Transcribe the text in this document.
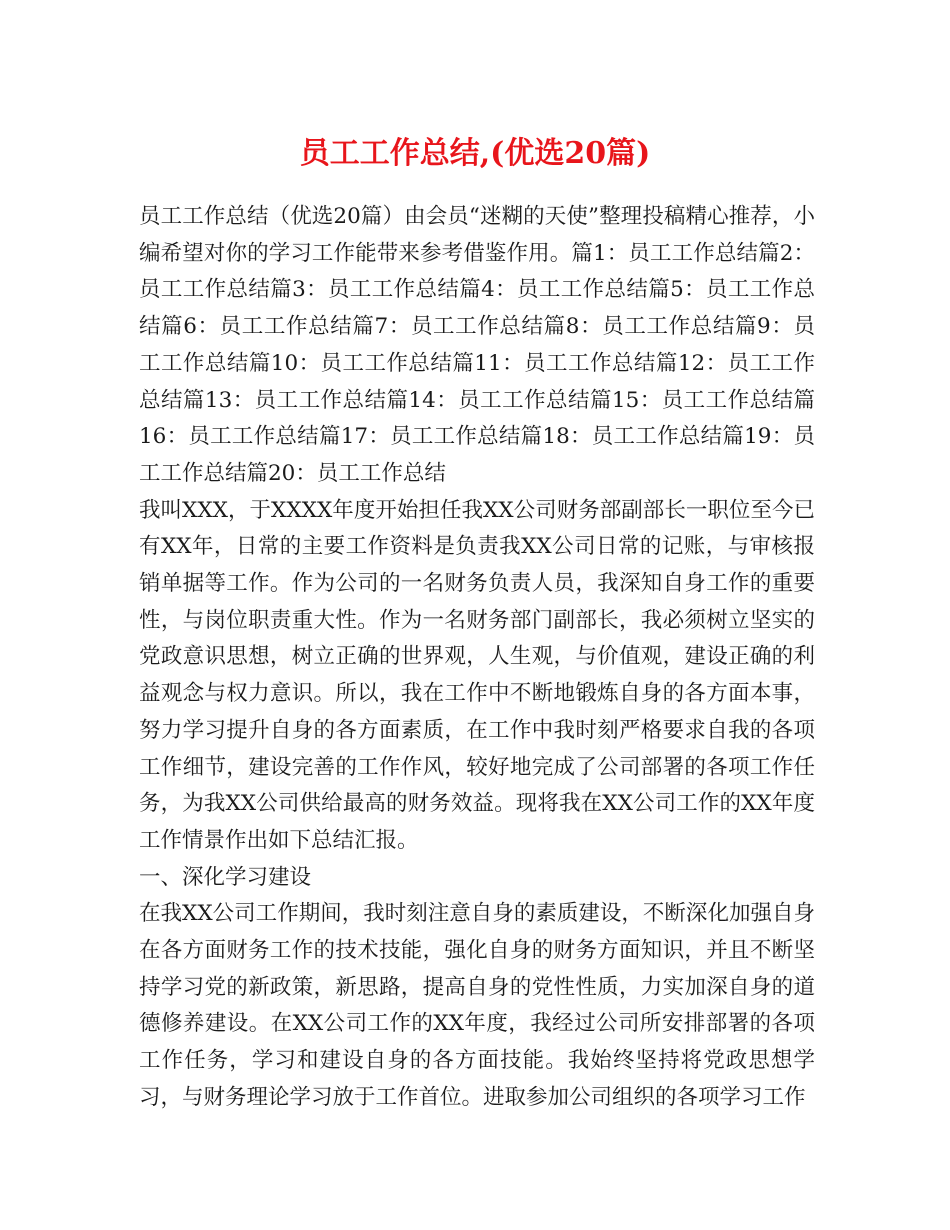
员工工作总结,(优选20篇)

员工工作总结（优选20篇）由会员“迷糊的天使”整理投稿精心推荐，小编希望对你的学习工作能带来参考借鉴作用。篇1：员工工作总结篇2：员工工作总结篇3：员工工作总结篇4：员工工作总结篇5：员工工作总结篇6：员工工作总结篇7：员工工作总结篇8：员工工作总结篇9：员工工作总结篇10：员工工作总结篇11：员工工作总结篇12：员工工作总结篇13：员工工作总结篇14：员工工作总结篇15：员工工作总结篇16：员工工作总结篇17：员工工作总结篇18：员工工作总结篇19：员工工作总结篇20：员工工作总结

我叫XXX，于XXXX年度开始担任我XX公司财务部副部长一职位至今已有XX年，日常的主要工作资料是负责我XX公司日常的记账，与审核报销单据等工作。作为公司的一名财务负责人员，我深知自身工作的重要性，与岗位职责重大性。作为一名财务部门副部长，我必须树立坚实的党政意识思想，树立正确的世界观，人生观，与价值观，建设正确的利益观念与权力意识。所以，我在工作中不断地锻炼自身的各方面本事，努力学习提升自身的各方面素质，在工作中我时刻严格要求自我的各项工作细节，建设完善的工作作风，较好地完成了公司部署的各项工作任务，为我XX公司供给最高的财务效益。现将我在XX公司工作的XX年度工作情景作出如下总结汇报。

一、深化学习建设

在我XX公司工作期间，我时刻注意自身的素质建设，不断深化加强自身在各方面财务工作的技术技能，强化自身的财务方面知识，并且不断坚持学习党的新政策，新思路，提高自身的党性性质，力实加深自身的道德修养建设。在XX公司工作的XX年度，我经过公司所安排部署的各项工作任务，学习和建设自身的各方面技能。我始终坚持将党政思想学习，与财务理论学习放于工作首位。进取参加公司组织的各项学习工作
